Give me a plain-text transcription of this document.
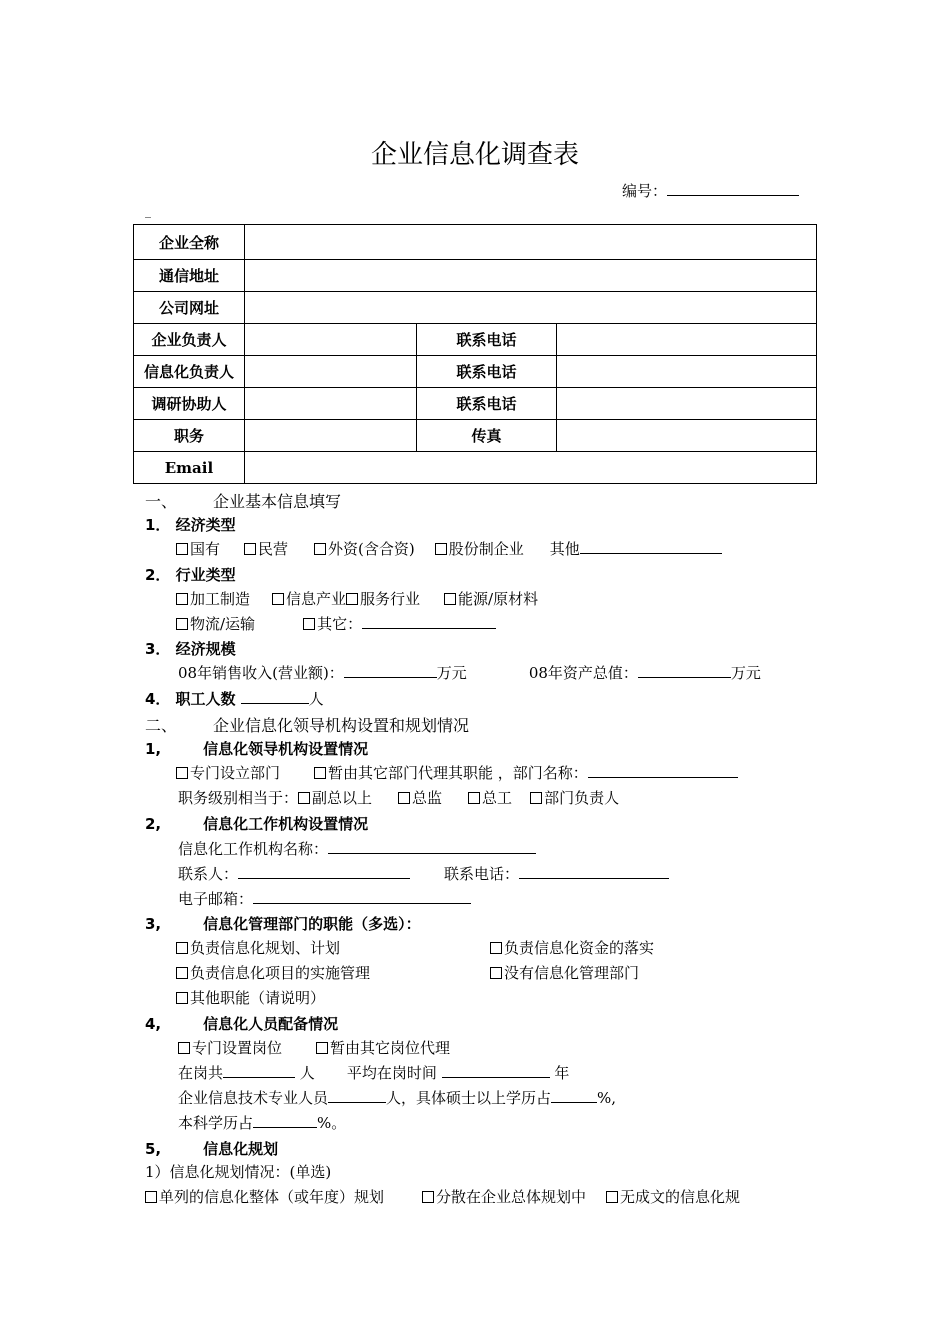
企业信息化调查表
编号：
_
企业全称			
通信地址			
公司网址			
企业负责人		联系电话	
信息化负责人		联系电话	
调研协助人		联系电话	
职务		传真	
Email			
一、 企业基本信息填写
1． 经济类型
国有	民营	外资(含合资) 股份制企业 其他
2． 行业类型
加工制造 信息产业 服务行业	能源/原材料
物流/运输	其它：
3． 经济规模
08年销售收入(营业额)：	万元	08年资产总值：	万元
4． 职工人数	人
二、 企业信息化领导机构设置和规划情况
1,	信息化领导机构设置情况
专门设立部门	暂由其它部门代理其职能 ，部门名称：
职务级别相当于： 副总以上	总监	总工 部门负责人
2,	信息化工作机构设置情况
信息化工作机构名称：
联系人：	联系电话：
电子邮箱：
3,	信息化管理部门的职能（多选）：
负责信息化规划、计划	负责信息化资金的落实
负责信息化项目的实施管理	没有信息化管理部门
其他职能（请说明）
4,	信息化人员配备情况
专门设置岗位	暂由其它岗位代理
在岗共	人 平均在岗时间	年
企业信息技术专业人员	人，具体硕士以上学历占	%,
本科学历占	%。
5,	信息化规划
1）信息化规划情况：(单选)
单列的信息化整体（或年度）规划	分散在企业总体规划中 无成文的信息化规
